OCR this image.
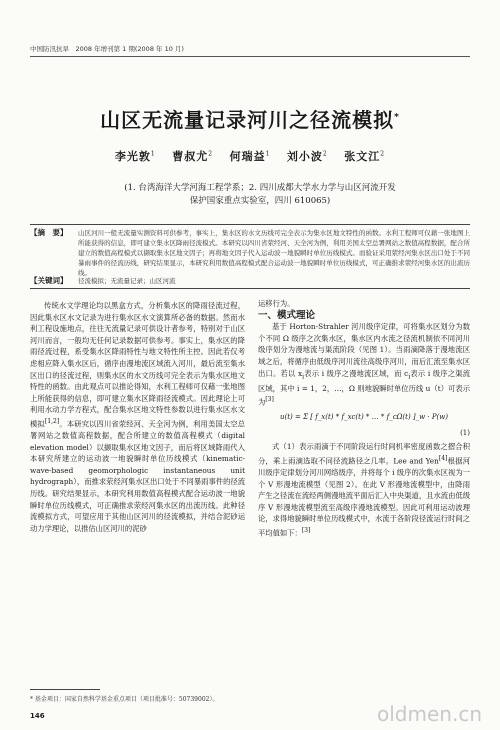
中国防汛抗旱　2008 年增刊第 1 期(2008 年 10 月)
山区无流量记录河川之径流模拟*
李光敦$^1$ 曹叔尤$^2$ 何瑞益$^1$ 刘小波$^2$ 张文江$^2$
(1. 台湾海洋大学河海工程学系；2. 四川成都大学水力学与山区河流开发
保护国家重点实验室，四川 610065)
【摘　要】	山区河川一般无流量实测资料可供参考，事实上，集水区的水文历线可完全表示为集水区地文特性的函数。水利工程师可仅藉一张地图上所能获得的信息，即可建立集水区降雨径流模式。本研究以四川省荥经河、天全河为例，利用美国太空总署网站之数值高程数据，配合所建立的数值高程模式以撷取集水区地文因子；再将地文因子代入运动波一地貌瞬时单位历线模式。而验证采用荥经河集水区出口处于不同暴雨事件的径流历线，研究结果显示，本研究利用数值高程模式配合运动波一地貌瞬时单位历线模式，可正确推求荥经河集水区的出流历线。
【关键词】	径流模拟；无流量记录；山区河流

传统水文学理论均以黑盒方式，分析集水区的降雨径流过程，因此集水区水文记录为进行集水区水文演算所必备的数据。然而水利工程设施地点，往往无流量记录可供设计者参考，特别对于山区河川而言，一般均无任何记录数据可供参考。事实上，集水区的降雨径流过程，系受集水区降雨特性与地文特性所主控。因此若仅考虑相应降入集水区后，循序由漫地流区域流入河川，最后流至集水区出口的径流过程，则集水区的水文历线可完全表示为集水区地文特性的函数。由此观点可以推论得知，水利工程师可仅藉一张地图上所能获得的信息，即可建立集水区降雨径流模式。因此理论上可利用水动力学方程式，配合集水区地文特性参数以进行集水区水文模拟[1,2]。本研究以四川省荥经河、天全河为例，利用美国太空总署网站之数值高程数据，配合所建立的数值高程模式（digital elevation model）以撷取集水区地文因子，而后将区域降雨代入本研究所建立的运动波一地貌瞬时单位历线模式（kinematic-wave-based geomorphologic instantaneous unit hydrograph），而推求荥经河集水区出口处于不同暴雨事件的径流历线。研究结果显示，本研究利用数值高程模式配合运动波一地貌瞬时单位历线模式，可正确推求荥经河集水区的出流历线。此种径流模拟方式，可望应用于其他山区河川的径流模拟，并结合泥砂运动力学理论，以推估山区河川的泥砂

运移行为。

一、模式理论

基于 Horton-Strahler 河川级序定律，可将集水区划分为数个不同 Ω 级序之次集水区，集水区内水流之径流机制依不同河川级序划分为漫地流与渠流阶段（见图 1）。当雨滴降落于漫地流区域之后，将循序由低级序河川流往高级序河川，而后汇流至集水区出口。若以 $x_i$表示 i 级序之漫地流区域，而 $c_i$表示 i 级序之渠流区域，其中 i = 1，2，…，Ω 则地貌瞬时单位历线 u（t）可表示为[3]

u(t) = Σ [ f_x(t) * f_xc(t) * … * f_cΩ(t) ]_w · P(w)
(1)

式（1）表示雨滴于不同阶段运行时间机率密度函数之摺合积分，乘上雨滴选取不同径流路径之几率。Lee and Yen[4]根据河川级序定律划分河川网络级序，并将每个 i 级序的次集水区视为一个 V 形漫地流模型（见图 2）。在此 V 形漫地流模型中，由降雨产生之径流在流经两侧漫地流平面后汇入中央渠道，且水流由低级序 V 形漫地流模型流至高级序漫地流模型。因此可利用运动波理论，求得地貌瞬时单位历线模式中，水流于各阶段径流运行时间之平均值如下：[3]

* 基金项目：国家自然科学基金重点项目（项目批准号：50739002）。
146	oldmen.cn
